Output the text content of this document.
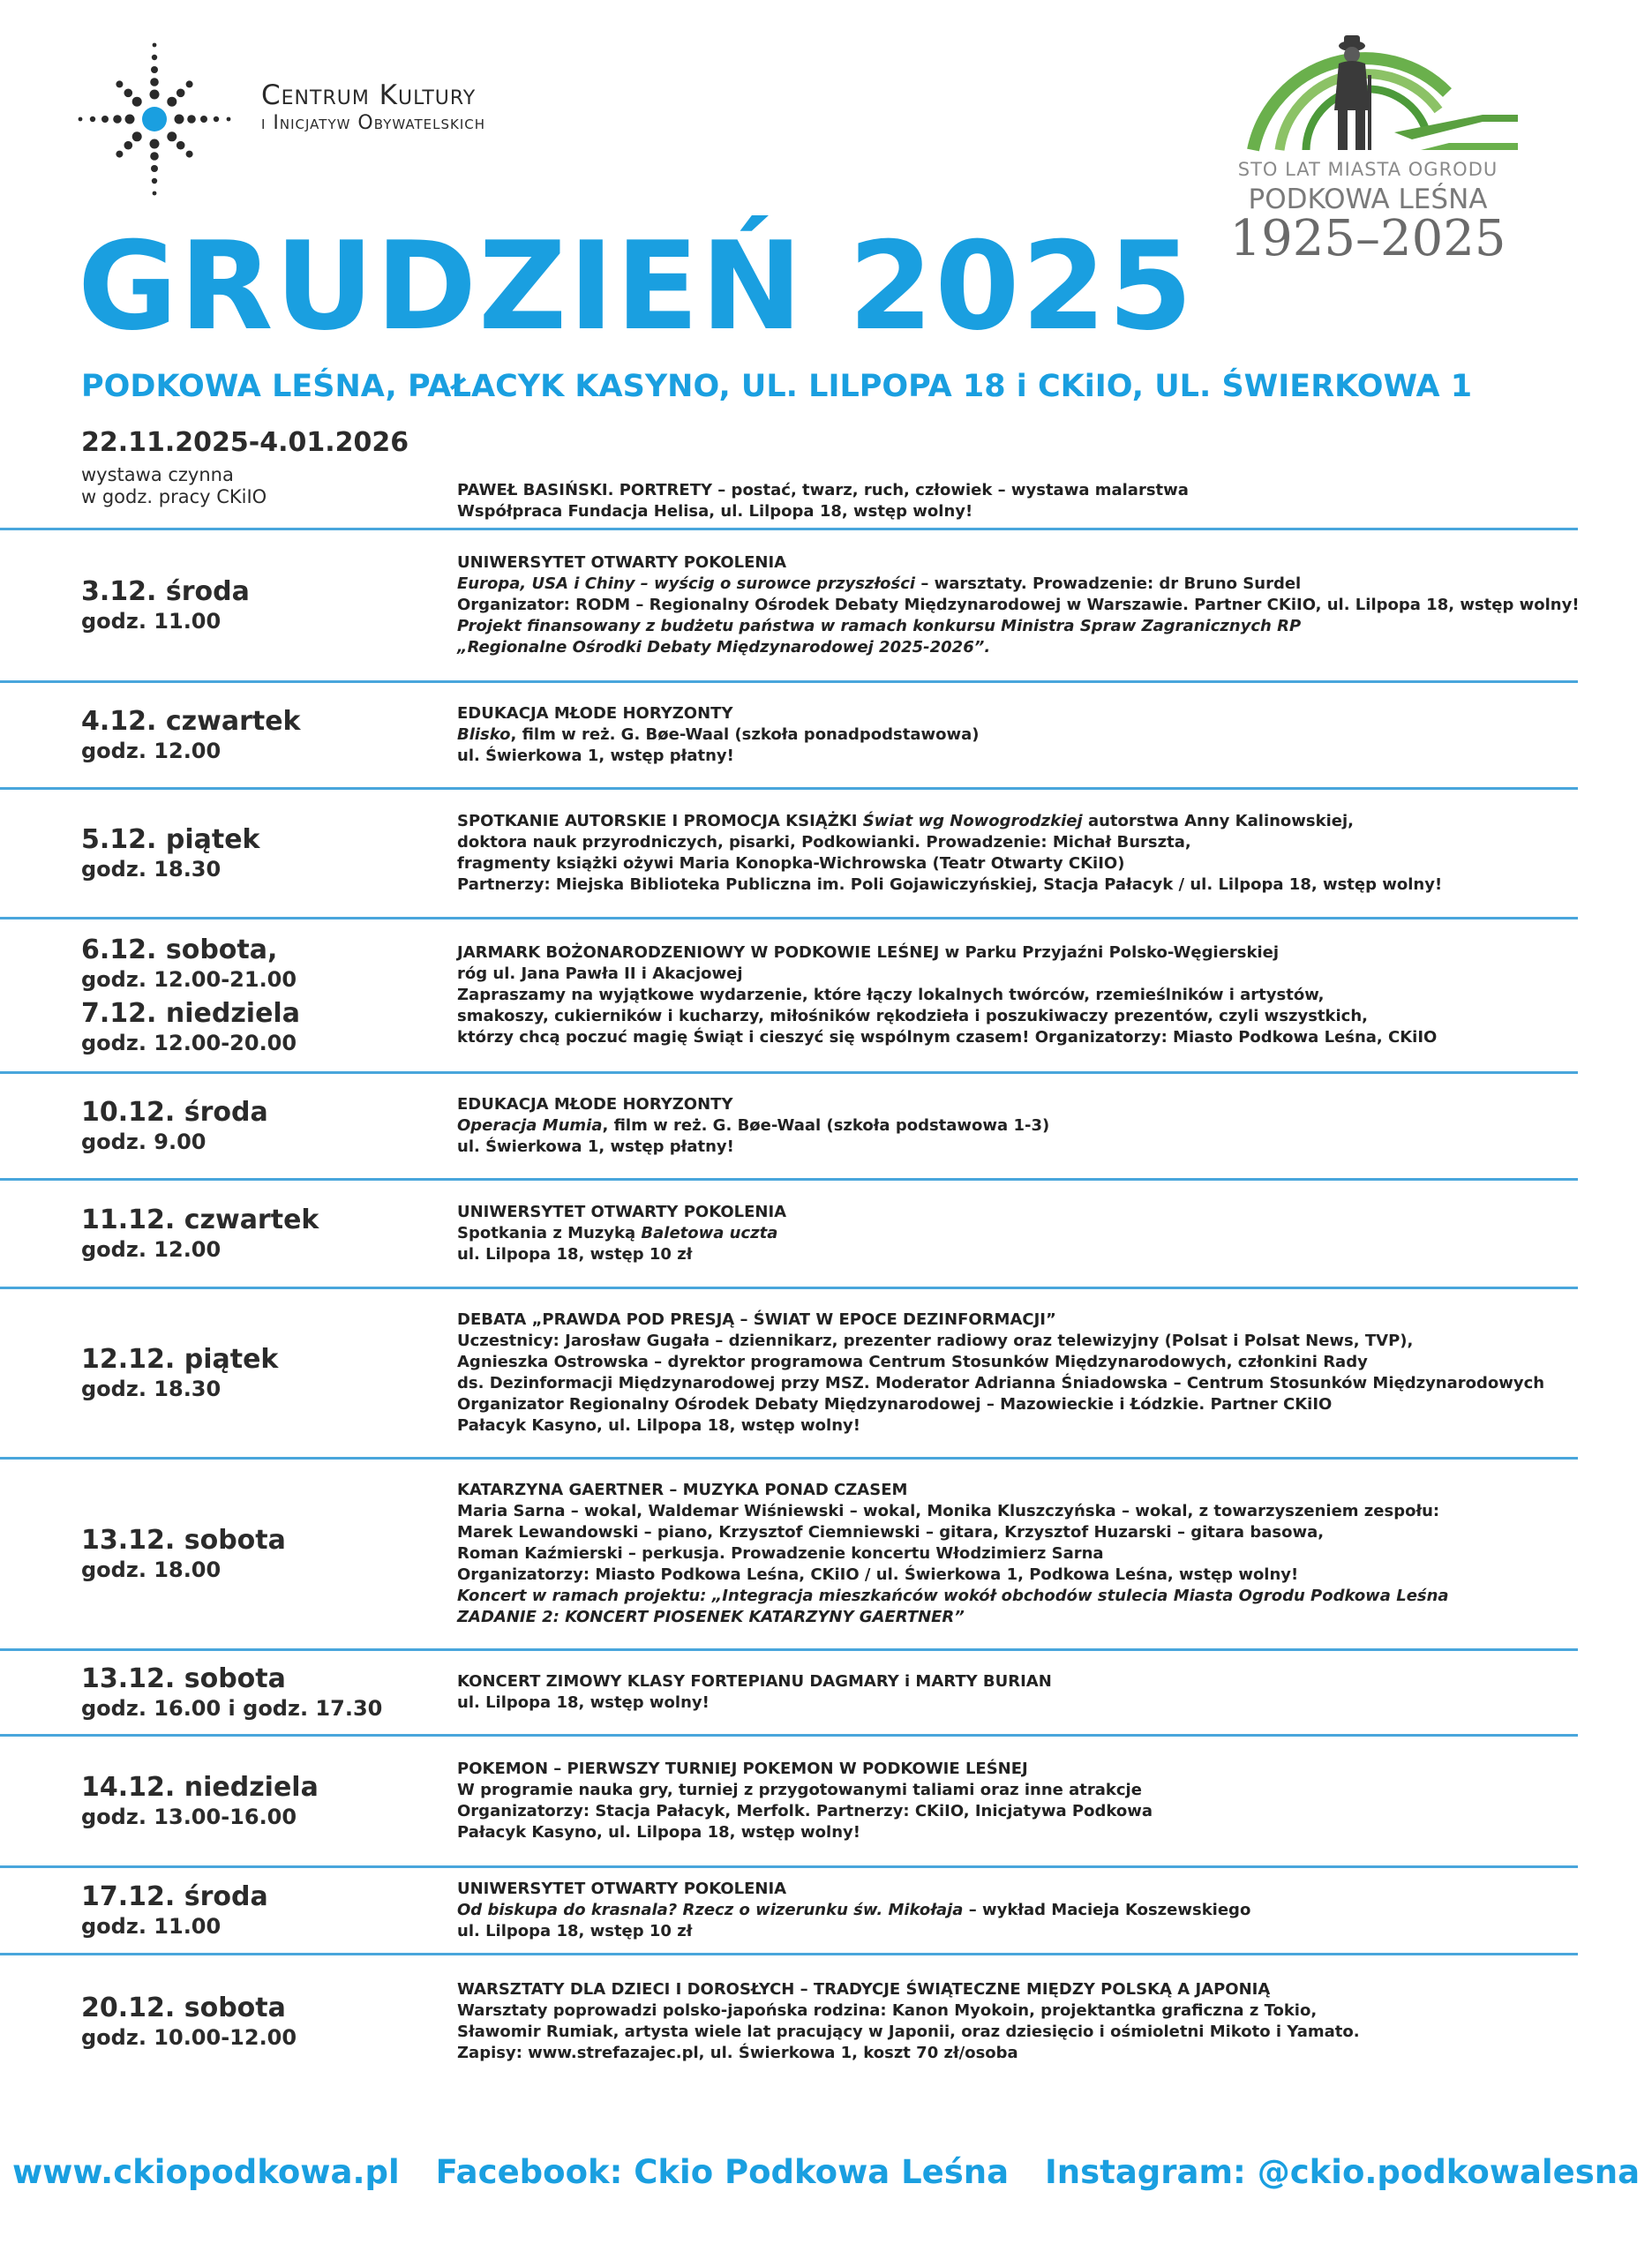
Centrum Kultury
i Inicjatyw Obywatelskich
STO LAT MIASTA OGRODU
PODKOWA LEŚNA
1925–2025
GRUDZIEŃ 2025
PODKOWA LEŚNA, PAŁACYK KASYNO, UL. LILPOPA 18 i CKiIO, UL. ŚWIERKOWA 1
22.11.2025-4.01.2026
wystawa czynna
w godz. pracy CKiIO	PAWEŁ BASIŃSKI. PORTRETY – postać, twarz, ruch, człowiek – wystawa malarstwa
Współpraca Fundacja Helisa, ul. Lilpopa 18, wstęp wolny!
3.12. środa
godz. 11.00
UNIWERSYTET OTWARTY POKOLENIA
Europa, USA i Chiny – wyścig o surowce przyszłości – warsztaty. Prowadzenie: dr Bruno Surdel
Organizator: RODM – Regionalny Ośrodek Debaty Międzynarodowej w Warszawie. Partner CKiIO, ul. Lilpopa 18, wstęp wolny!
Projekt finansowany z budżetu państwa w ramach konkursu Ministra Spraw Zagranicznych RP
„Regionalne Ośrodki Debaty Międzynarodowej 2025-2026”.
4.12. czwartek
godz. 12.00
EDUKACJA MŁODE HORYZONTY
Blisko, film w reż. G. Bøe-Waal (szkoła ponadpodstawowa)
ul. Świerkowa 1, wstęp płatny!
5.12. piątek
godz. 18.30
SPOTKANIE AUTORSKIE I PROMOCJA KSIĄŻKI Świat wg Nowogrodzkiej autorstwa Anny Kalinowskiej,
doktora nauk przyrodniczych, pisarki, Podkowianki. Prowadzenie: Michał Bursztа,
fragmenty książki ożywi Maria Konopka-Wichrowska (Teatr Otwarty CKiIO)
Partnerzy: Miejska Biblioteka Publiczna im. Poli Gojawiczyńskiej, Stacja Pałacyk / ul. Lilpopa 18, wstęp wolny!
6.12. sobota,
godz. 12.00-21.00
7.12. niedziela
godz. 12.00-20.00
JARMARK BOŻONARODZENIOWY W PODKOWIE LEŚNEJ w Parku Przyjaźni Polsko-Węgierskiej
róg ul. Jana Pawła II i Akacjowej
Zapraszamy na wyjątkowe wydarzenie, które łączy lokalnych twórców, rzemieślników i artystów,
smakoszy, cukierników i kucharzy, miłośników rękodzieła i poszukiwaczy prezentów, czyli wszystkich,
którzy chcą poczuć magię Świąt i cieszyć się wspólnym czasem! Organizatorzy: Miasto Podkowa Leśna, CKiIO
10.12. środa
godz. 9.00
EDUKACJA MŁODE HORYZONTY
Operacja Mumia, film w reż. G. Bøe-Waal (szkoła podstawowa 1-3)
ul. Świerkowa 1, wstęp płatny!
11.12. czwartek
godz. 12.00
UNIWERSYTET OTWARTY POKOLENIA
Spotkania z Muzyką Baletowa uczta
ul. Lilpopa 18, wstęp 10 zł
12.12. piątek
godz. 18.30
DEBATA „PRAWDA POD PRESJĄ – ŚWIAT W EPOCE DEZINFORMACJI”
Uczestnicy: Jarosław Gugała – dziennikarz, prezenter radiowy oraz telewizyjny (Polsat i Polsat News, TVP),
Agnieszka Ostrowska – dyrektor programowa Centrum Stosunków Międzynarodowych, członkini Rady
ds. Dezinformacji Międzynarodowej przy MSZ. Moderator Adrianna Śniadowska – Centrum Stosunków Międzynarodowych
Organizator Regionalny Ośrodek Debaty Międzynarodowej – Mazowieckie i Łódzkie. Partner CKiIO
Pałacyk Kasyno, ul. Lilpopa 18, wstęp wolny!
13.12. sobota
godz. 18.00
KATARZYNA GAERTNER – MUZYKA PONAD CZASEM
Maria Sarna – wokal, Waldemar Wiśniewski – wokal, Monika Kluszczyńska – wokal, z towarzyszeniem zespołu:
Marek Lewandowski – piano, Krzysztof Ciemniewski – gitara, Krzysztof Huzarski – gitara basowa,
Roman Kaźmierski – perkusja. Prowadzenie koncertu Włodzimierz Sarna
Organizatorzy: Miasto Podkowa Leśna, CKiIO / ul. Świerkowa 1, Podkowa Leśna, wstęp wolny!
Koncert w ramach projektu: „Integracja mieszkańców wokół obchodów stulecia Miasta Ogrodu Podkowa Leśna
ZADANIE 2: KONCERT PIOSENEK KATARZYNY GAERTNER”
13.12. sobota
godz. 16.00 i godz. 17.30
KONCERT ZIMOWY KLASY FORTEPIANU DAGMARY i MARTY BURIAN
ul. Lilpopa 18, wstęp wolny!
14.12. niedziela
godz. 13.00-16.00
POKEMON – PIERWSZY TURNIEJ POKEMON W PODKOWIE LEŚNEJ
W programie nauka gry, turniej z przygotowanymi taliami oraz inne atrakcje
Organizatorzy: Stacja Pałacyk, Merfolk. Partnerzy: CKiIO, Inicjatywa Podkowa
Pałacyk Kasyno, ul. Lilpopa 18, wstęp wolny!
17.12. środa
godz. 11.00
UNIWERSYTET OTWARTY POKOLENIA
Od biskupa do krasnala? Rzecz o wizerunku św. Mikołaja – wykład Macieja Koszewskiego
ul. Lilpopa 18, wstęp 10 zł
20.12. sobota
godz. 10.00-12.00
WARSZTATY DLA DZIECI I DOROSŁYCH – TRADYCJE ŚWIĄTECZNE MIĘDZY POLSKĄ A JAPONIĄ
Warsztaty poprowadzi polsko-japońska rodzina: Kanon Myokoin, projektantka graficzna z Tokio,
Sławomir Rumiak, artysta wiele lat pracujący w Japonii, oraz dziesięcio i ośmioletni Mikoto i Yamato.
Zapisy: www.strefazajec.pl, ul. Świerkowa 1, koszt 70 zł/osoba
www.ckiopodkowa.pl Facebook: Ckio Podkowa Leśna Instagram: @ckio.podkowalesna
